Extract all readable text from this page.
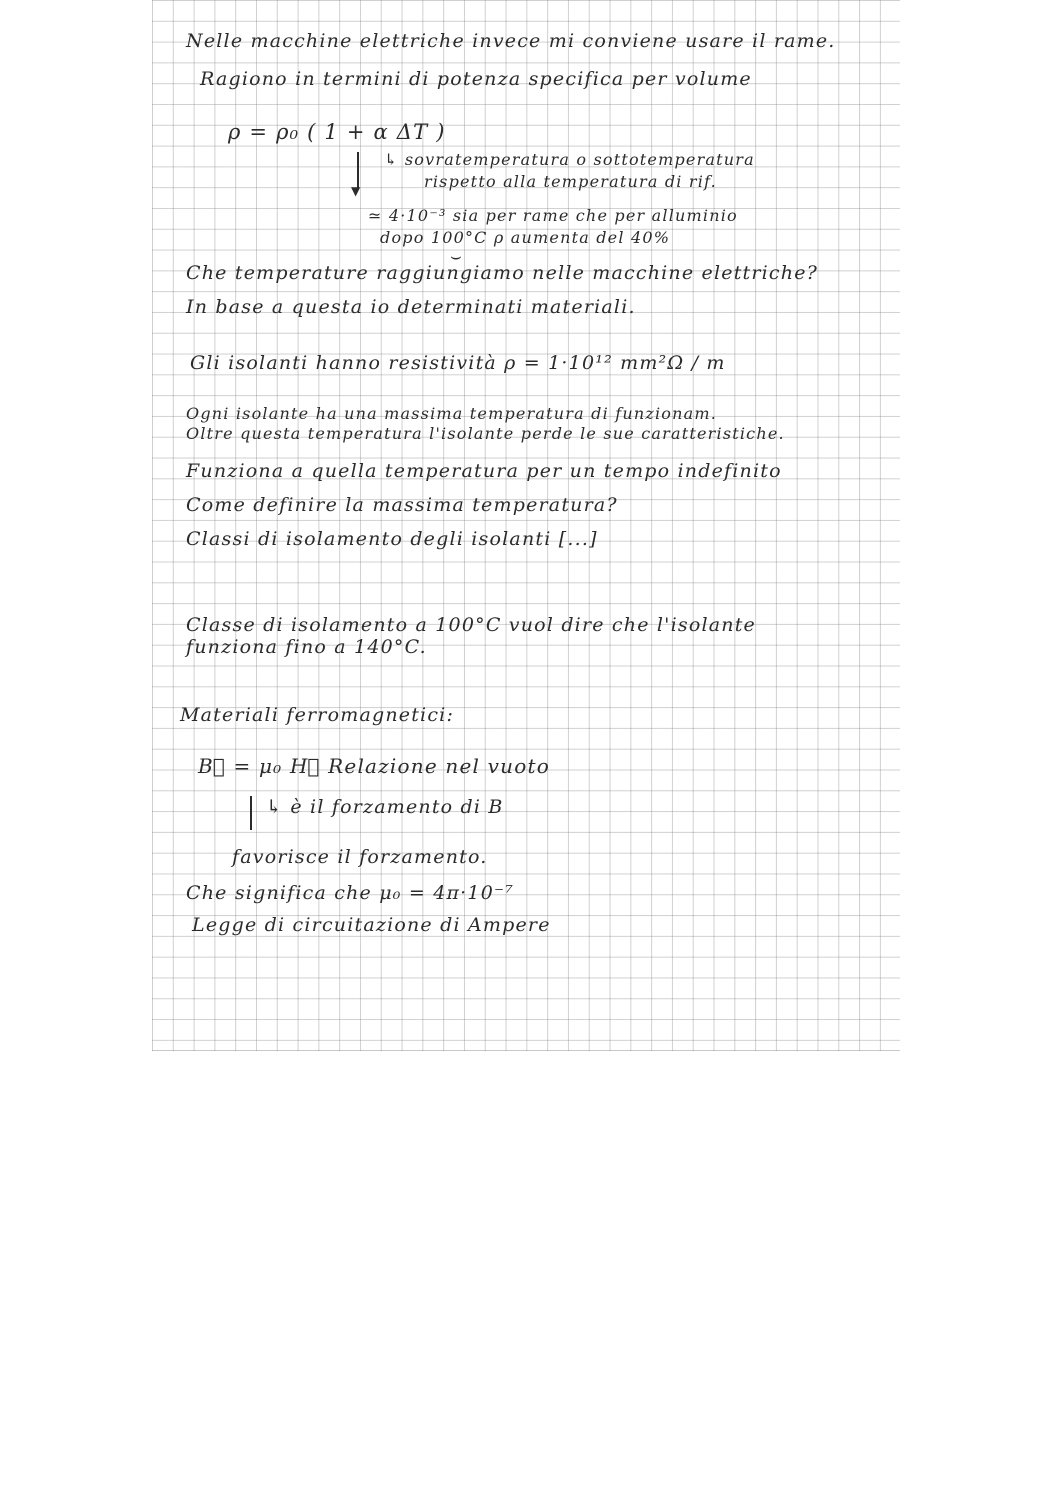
Nelle macchine elettriche invece mi conviene usare il rame.
Ragiono in termini di potenza specifica per volume
ρ = ρ₀ ( 1 + α ΔT )
▼
↳ sovratemperatura o sottotemperatura
rispetto alla temperatura di rif.
≃ 4·10⁻³ sia per rame che per alluminio
dopo 100°C ρ aumenta del 40%
⌣
Che temperature raggiungiamo nelle macchine elettriche?
In base a questa io determinati materiali.
Gli isolanti hanno resistività ρ = 1·10¹² mm²Ω / m
Ogni isolante ha una massima temperatura di funzionam.
Oltre questa temperatura l'isolante perde le sue caratteristiche.
Funziona a quella temperatura per un tempo indefinito
Come definire la massima temperatura?
Classi di isolamento degli isolanti [...]
Classe di isolamento a 100°C vuol dire che l'isolante
funziona fino a 140°C.
Materiali ferromagnetici:
B⃗ = μ₀ H⃗ Relazione nel vuoto
↳ è il forzamento di B
favorisce il forzamento.
Che significa che μ₀ = 4π·10⁻⁷
Legge di circuitazione di Ampere
